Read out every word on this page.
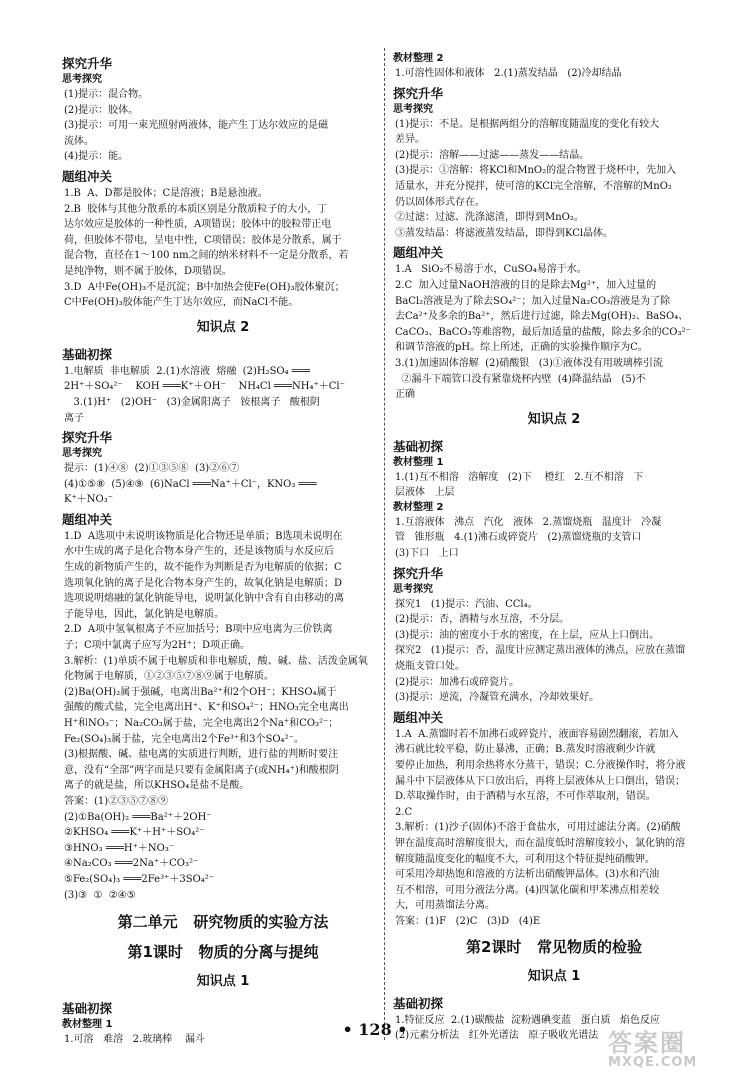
探究升华
思考探究
(1)提示：混合物。
(2)提示：胶体。
(3)提示：可用一束光照射两液体，能产生丁达尔效应的是磁
流体。
(4)提示：能。
题组冲关
1.B  A、D都是胶体；C是溶液；B是悬浊液。
2.B  胶体与其他分散系的本质区别是分散质粒子的大小，丁
达尔效应是胶体的一种性质，A项错误；胶体中的胶粒带正电
荷，但胶体不带电，呈电中性，C项错误；胶体是分散系，属于
混合物，直径在1～100 nm之间的纳米材料不一定是分散系，若
是纯净物，则不属于胶体，D项错误。
3.D  A中Fe(OH)₃不是沉淀；B中加热会使Fe(OH)₃胶体聚沉；
C中Fe(OH)₃胶体能产生丁达尔效应，而NaCl不能。
知识点 2
基础初探
1.电解质  非电解质  2.(1)水溶液  熔融  (2)H₂SO₄ ═══
2H⁺＋SO₄²⁻    KOH ═══K⁺＋OH⁻    NH₄Cl ═══NH₄⁺＋Cl⁻
3.(1)H⁺   (2)OH⁻   (3)金属阳离子   铵根离子   酸根阴
离子
探究升华
思考探究
提示：(1)④⑧  (2)①③⑤⑧  (3)②⑥⑦
(4)①⑤⑧  (5)④⑨  (6)NaCl ═══Na⁺＋Cl⁻，KNO₃ ═══
K⁺＋NO₃⁻
题组冲关
1.D  A选项中未说明该物质是化合物还是单质；B选项未说明在
水中生成的离子是化合物本身产生的，还是该物质与水反应后
生成的新物质产生的，故不能作为判断是否为电解质的依据；C
选项氧化钠的离子是化合物本身产生的，故氧化钠是电解质；D
选项说明熔融的氯化钠能导电，说明氯化钠中含有自由移动的离
子能导电，因此，氯化钠是电解质。
2.D  A项中氢氧根离子不应加括号；B项中应电离为三价铁离
子；C项中氯离子应写为2H⁺；D项正确。
3.解析：(1)单质不属于电解质和非电解质，酸、碱、盐、活泼金属氧
化物属于电解质，①②③⑤⑦⑧⑨属于电解质。
(2)Ba(OH)₂属于强碱，电离出Ba²⁺和2个OH⁻；KHSO₄属于
强酸的酸式盐，完全电离出H⁺、K⁺和SO₄²⁻；HNO₃完全电离出
H⁺和NO₃⁻；Na₂CO₃属于盐，完全电离出2个Na⁺和CO₃²⁻；
Fe₂(SO₄)₃属于盐，完全电离出2个Fe³⁺和3个SO₄²⁻。
(3)根据酸、碱、盐电离的实质进行判断，进行盐的判断时要注
意，没有“全部”两字而是只要有金属阳离子(或NH₄⁺)和酸根阴
离子的就是盐，所以KHSO₄是盐不是酸。
答案：(1)②③⑤⑦⑧⑨
(2)①Ba(OH)₂ ═══Ba²⁺＋2OH⁻
②KHSO₄ ═══K⁺＋H⁺＋SO₄²⁻
③HNO₃ ═══H⁺＋NO₃⁻
④Na₂CO₃ ═══2Na⁺＋CO₃²⁻
⑤Fe₂(SO₄)₃ ═══2Fe³⁺＋3SO₄²⁻
(3)③  ①  ②④⑤
第二单元   研究物质的实验方法
第1课时   物质的分离与提纯
知识点 1
基础初探
教材整理 1
1.可溶   难溶   2.玻璃棒    漏斗
教材整理 2
1.可溶性固体和液体   2.(1)蒸发结晶   (2)冷却结晶
探究升华
思考探究
(1)提示：不是。是根据两组分的溶解度随温度的变化有较大
差异。
(2)提示：溶解——过滤——蒸发——结晶。
(3)提示：①溶解：将KCl和MnO₂的混合物置于烧杯中，先加入
适量水，并充分搅拌，使可溶的KCl完全溶解，不溶解的MnO₂
仍以固体形式存在。
②过滤：过滤、洗涤滤渣，即得到MnO₂。
③蒸发结晶：将滤液蒸发结晶，即得到KCl晶体。
题组冲关
1.A   SiO₂不易溶于水，CuSO₄易溶于水。
2.C  加入过量NaOH溶液的目的是除去Mg²⁺，加入过量的
BaCl₂溶液是为了除去SO₄²⁻；加入过量Na₂CO₃溶液是为了除
去Ca²⁺及多余的Ba²⁺，然后进行过滤，除去Mg(OH)₂、BaSO₄、
CaCO₃、BaCO₃等难溶物，最后加适量的盐酸，除去多余的CO₃²⁻
和调节溶液的pH。综上所述，正确的实验操作顺序为C。
3.(1)加速固体溶解  (2)硝酸银   (3)①液体没有用玻璃棒引流
②漏斗下端管口没有紧靠烧杯内壁  (4)降温结晶   (5)不
正确
知识点 2
基础初探
教材整理 1
1.(1)互不相溶   溶解度   (2)下    橙红   2.互不相溶   下
层液体   上层
教材整理 2
1.互溶液体   沸点   汽化   液体   2.蒸馏烧瓶   温度计   冷凝
管   锥形瓶   4.(1)沸石或碎瓷片   (2)蒸馏烧瓶的支管口
(3)下口   上口
探究升华
思考探究
探究1   (1)提示：汽油、CCl₄。
(2)提示：否，酒精与水互溶，不分层。
(3)提示：油的密度小于水的密度，在上层，应从上口倒出。
探究2   (1)提示：否，温度计应测定蒸出液体的沸点，应放在蒸馏
烧瓶支管口处。
(2)提示：加沸石或碎瓷片。
(3)提示：逆流，冷凝管充满水，冷却效果好。
题组冲关
1.A  A.蒸馏时若不加沸石或碎瓷片，液面容易剧烈翻滚，若加入
沸石就比较平稳，防止暴沸，正确；B.蒸发时溶液剩少许就
要停止加热，利用余热将水分蒸干，错误；C.分液操作时，将分液
漏斗中下层液体从下口放出后，再将上层液体从上口倒出，错误；
D.萃取操作时，由于酒精与水互溶，不可作萃取剂，错误。
2.C
3.解析：(1)沙子(固体)不溶于食盐水，可用过滤法分离。(2)硝酸
钾在温度高时溶解度很大，而在温度低时溶解度较小，氯化钠的溶
解度随温度变化的幅度不大，可利用这个特征提纯硝酸钾。
可采用冷却热饱和溶液的方法析出硝酸钾晶体。(3)水和汽油
互不相溶，可用分液法分离。(4)四氯化碳和甲苯沸点相差较
大，可用蒸馏法分离。
答案：(1)F   (2)C   (3)D   (4)E
第2课时   常见物质的检验
知识点 1
基础初探
1.特征反应  2.(1)碳酸盐  淀粉遇碘变蓝   蛋白质   焰色反应
(2)元素分析法   红外光谱法   原子吸收光谱法
• 128 •	答案圈
MXQE.COM
